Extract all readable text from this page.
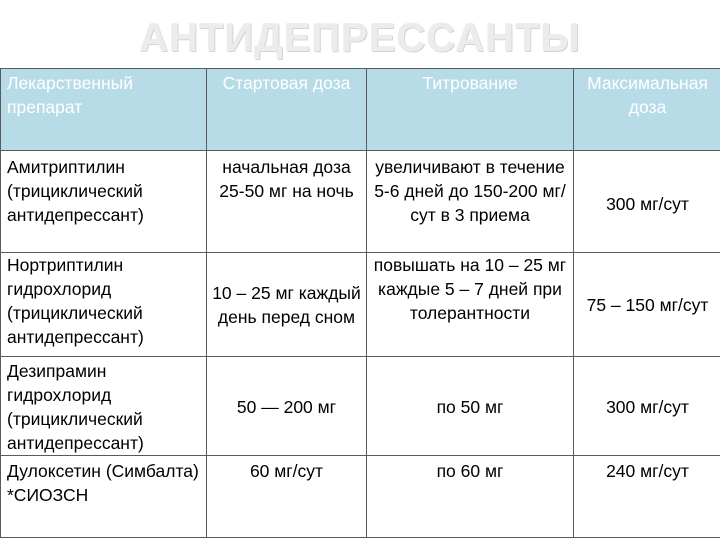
АНТИДЕПРЕССАНТЫ
Лекарственный препарат	Стартовая доза	Титрование	Максимальная доза
Амитриптилин (трициклический антидепрессант)	начальная доза 25-50 мг на ночь	увеличивают в течение 5-6 дней до 150-200 мг/сут в 3 приема	300 мг/сут
Нортриптилин гидрохлорид (трициклический антидепрессант)	10 – 25 мг каждый день перед сном	повышать на 10 – 25 мг каждые 5 – 7 дней при толерантности	75 – 150 мг/сут
Дезипрамин гидрохлорид (трициклический антидепрессант)	50 — 200 мг	по 50 мг	300 мг/сут
Дулоксетин (Симбалта) *СИОЗСН	60 мг/сут	по 60 мг	240 мг/сут
